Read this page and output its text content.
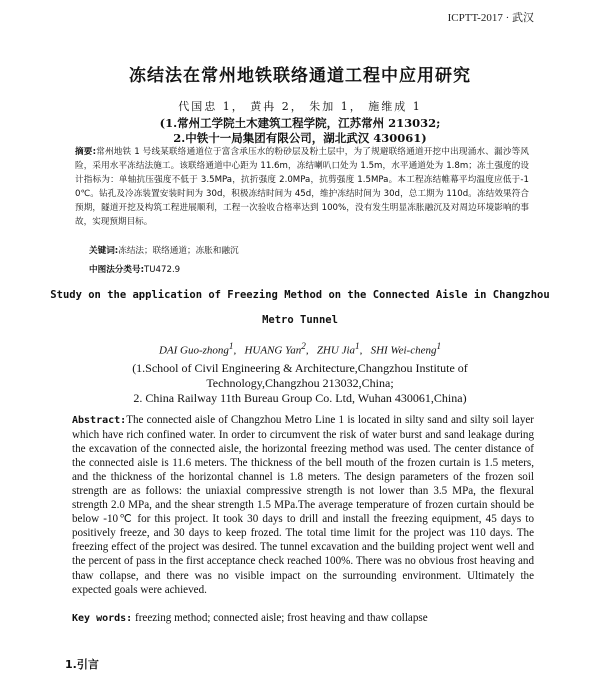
ICPTT-2017 · 武汉
冻结法在常州地铁联络通道工程中应用研究
代国忠 1， 黄冉 2， 朱加 1， 施维成 1
(1.常州工学院土木建筑工程学院，江苏常州 213032;
2.中铁十一局集团有限公司，湖北武汉 430061)
摘要:常州地铁 1 号线某联络通道位于富含承压水的粉砂层及粉土层中，为了规避联络通道开挖中出现涌水、漏沙等风险，采用水平冻结法施工。该联络通道中心距为 11.6m，冻结喇叭口处为 1.5m，水平通道处为 1.8m；冻土强度的设计指标为：单轴抗压强度不低于 3.5MPa，抗折强度 2.0MPa，抗剪强度 1.5MPa。本工程冻结帷幕平均温度应低于-10℃。钻孔及冷冻装置安装时间为 30d，积极冻结时间为 45d，维护冻结时间为 30d，总工期为 110d。冻结效果符合预期，隧道开挖及构筑工程进展顺利，工程一次验收合格率达到 100%，没有发生明显冻胀融沉及对周边环境影响的事故，实现预期目标。
关键词:冻结法；联络通道；冻胀和融沉
中图法分类号:TU472.9
Study on the application of Freezing Method on the Connected Aisle in Changzhou
Metro Tunnel
DAI Guo-zhong$^1$,   HUANG Yan$^2$,   ZHU Jia$^1$,   SHI Wei-cheng$^1$
(1.School of Civil Engineering & Architecture,Changzhou Institute of
Technology,Changzhou 213032,China;
2. China Railway 11th Bureau Group Co. Ltd, Wuhan 430061,China)
Abstract:The connected aisle of Changzhou Metro Line 1 is located in silty sand and silty soil layer which have rich confined water. In order to circumvent the risk of water burst and sand leakage during the excavation of the connected aisle, the horizontal freezing method was used. The center distance of the connected aisle is 11.6 meters. The thickness of the bell mouth of the frozen curtain is 1.5 meters, and the thickness of the horizontal channel is 1.8 meters. The design parameters of the frozen soil strength are as follows: the uniaxial compressive strength is not lower than 3.5 MPa, the flexural strength 2.0 MPa, and the shear strength 1.5 MPa.The average temperature of frozen curtain should be below -10℃ for this project. It took 30 days to drill and install the freezing equipment, 45 days to positively freeze, and 30 days to keep frozed. The total time limit for the project was 110 days. The freezing effect of the project was desired. The tunnel excavation and the building project went well and the percent of pass in the first acceptance check reached 100%. There was no obvious frost heaving and thaw collapse, and there was no visible impact on the surrounding environment. Ultimately the expected goals were achieved.
Key words: freezing method; connected aisle; frost heaving and thaw collapse
1.引言
